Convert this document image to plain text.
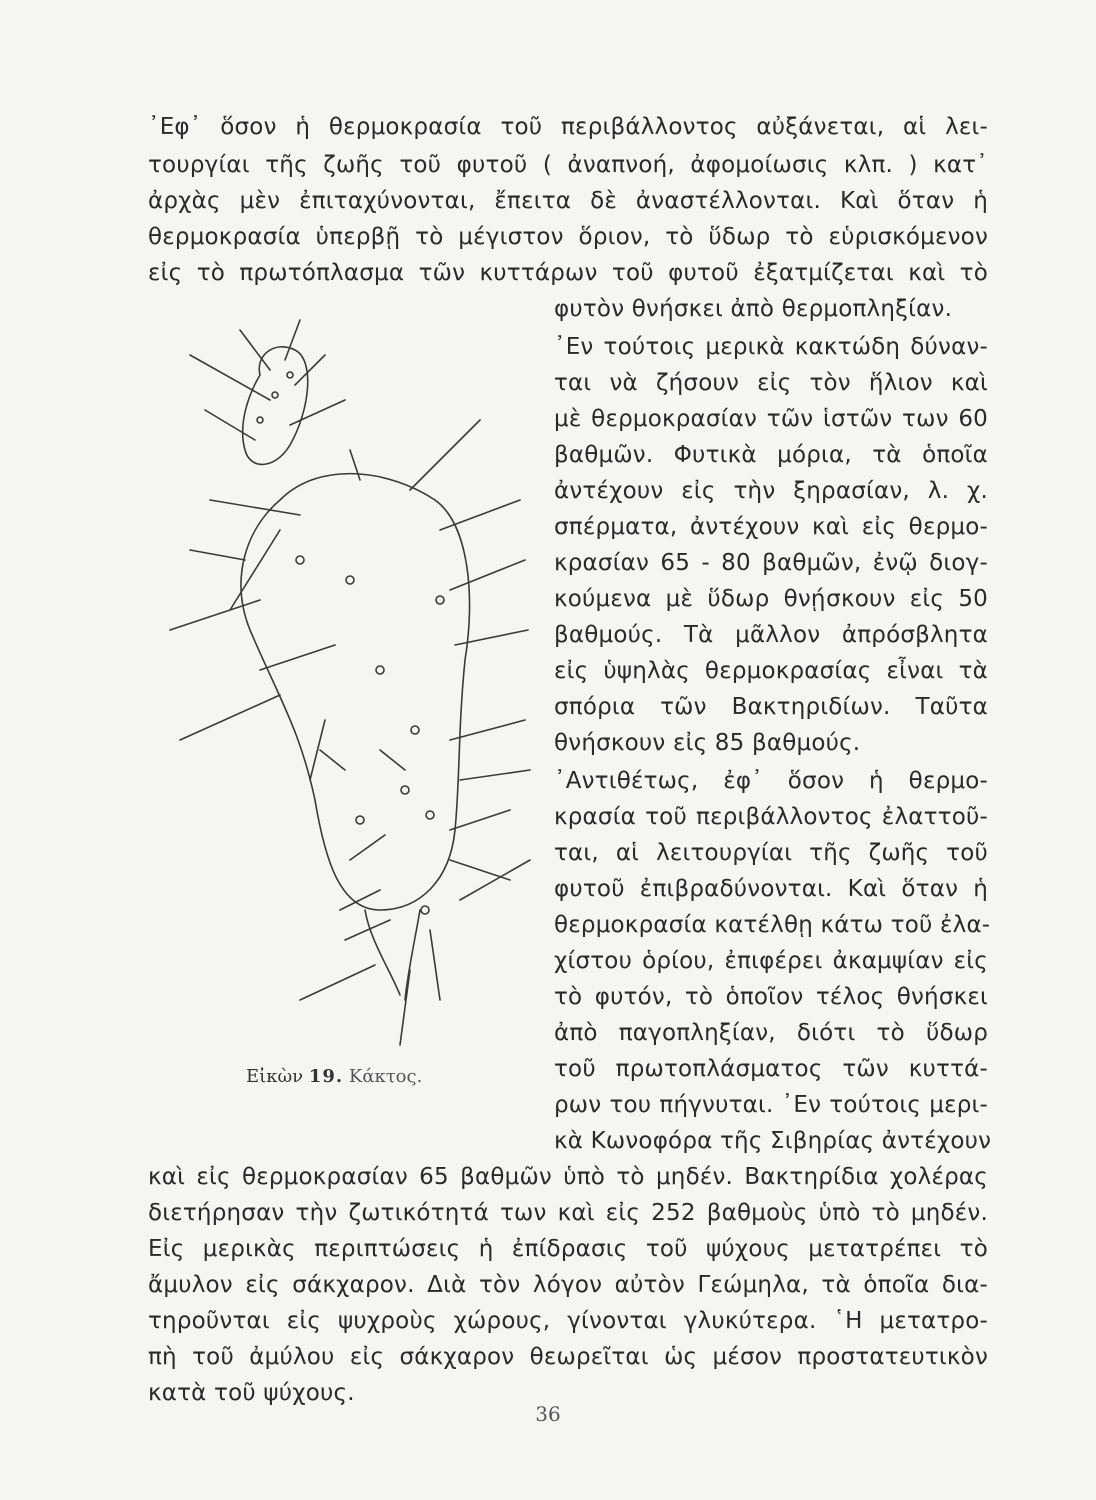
᾿Εφ᾿ ὅσον ἡ θερμοκρασία τοῦ περιβάλλοντος αὐξάνεται, αἱ λει-
τουργίαι τῆς ζωῆς τοῦ φυτοῦ ( ἀναπνοή, ἀφομοίωσις κλπ. ) κατ᾿
ἀρχὰς μὲν ἐπιταχύνονται, ἔπειτα δὲ ἀναστέλλονται. Καὶ ὅταν ἡ
θερμοκρασία ὑπερβῇ τὸ μέγιστον ὅριον, τὸ ὕδωρ τὸ εὑρισκόμενον
εἰς τὸ πρωτόπλασμα τῶν κυττάρων τοῦ φυτοῦ ἐξατμίζεται καὶ τὸ
φυτὸν θνήσκει ἀπὸ θερμοπληξίαν.
᾿Εν τούτοις μερικὰ κακτώδη δύναν-
ται νὰ ζήσουν εἰς τὸν ἥλιον καὶ
μὲ θερμοκρασίαν τῶν ἱστῶν των 60
βαθμῶν. Φυτικὰ μόρια, τὰ ὁποῖα
ἀντέχουν εἰς τὴν ξηρασίαν, λ. χ.
σπέρματα, ἀντέχουν καὶ εἰς θερμο-
κρασίαν 65 - 80 βαθμῶν, ἐνῷ διογ-
κούμενα μὲ ὕδωρ θνῄσκουν εἰς 50
βαθμούς. Τὰ μᾶλλον ἀπρόσβλητα
εἰς ὑψηλὰς θερμοκρασίας εἶναι τὰ
σπόρια τῶν Βακτηριδίων. Ταῦτα
θνήσκουν εἰς 85 βαθμούς.
᾿Αντιθέτως, ἐφ᾿ ὅσον ἡ θερμο-
κρασία τοῦ περιβάλλοντος ἐλαττοῦ-
ται, αἱ λειτουργίαι τῆς ζωῆς τοῦ
φυτοῦ ἐπιβραδύνονται. Καὶ ὅταν ἡ
θερμοκρασία κατέλθῃ κάτω τοῦ ἐλα-
χίστου ὁρίου, ἐπιφέρει ἀκαμψίαν εἰς
τὸ φυτόν, τὸ ὁποῖον τέλος θνήσκει
ἀπὸ παγοπληξίαν, διότι τὸ ὕδωρ
τοῦ πρωτοπλάσματος τῶν κυττά-
ρων του πήγνυται. ᾿Εν τούτοις μερι-
κὰ Κωνοφόρα τῆς Σιβηρίας ἀντέχουν
καὶ εἰς θερμοκρασίαν 65 βαθμῶν ὑπὸ τὸ μηδέν. Βακτηρίδια χολέρας
διετήρησαν τὴν ζωτικότητά των καὶ εἰς 252 βαθμοὺς ὑπὸ τὸ μηδέν.
Εἰς μερικὰς περιπτώσεις ἡ ἐπίδρασις τοῦ ψύχους μετατρέπει τὸ
ἄμυλον εἰς σάκχαρον. Διὰ τὸν λόγον αὐτὸν Γεώμηλα, τὰ ὁποῖα δια-
τηροῦνται εἰς ψυχροὺς χώρους, γίνονται γλυκύτερα. ῾Η μετατρο-
πὴ τοῦ ἀμύλου εἰς σάκχαρον θεωρεῖται ὡς μέσον προστατευτικὸν
κατὰ τοῦ ψύχους.
Εἰκὼν 19. Κάκτος.
36
